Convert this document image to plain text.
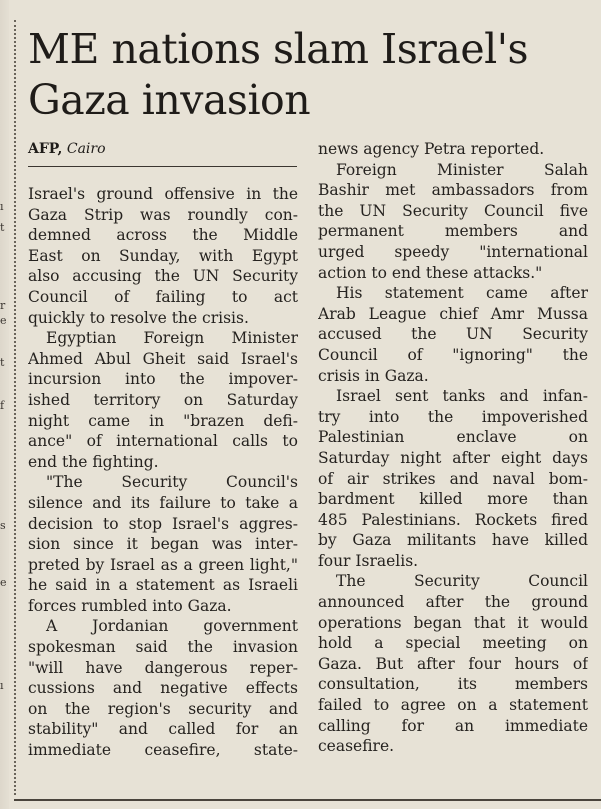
ı
t
r
e
t
f
s
e
ı
ME nations slam Israel's
Gaza invasion
AFP, Cairo

Israel's ground offensive in the
Gaza Strip was roundly con-
demned across the Middle
East on Sunday, with Egypt
also accusing the UN Security
Council of failing to act
quickly to resolve the crisis.

Egyptian Foreign Minister
Ahmed Abul Gheit said Israel's
incursion into the impover-
ished territory on Saturday
night came in "brazen defi-
ance" of international calls to
end the fighting.

"The Security Council's
silence and its failure to take a
decision to stop Israel's aggres-
sion since it began was inter-
preted by Israel as a green light,"
he said in a statement as Israeli
forces rumbled into Gaza.

A Jordanian government
spokesman said the invasion
"will have dangerous reper-
cussions and negative effects
on the region's security and
stability" and called for an
immediate ceasefire, state-

news agency Petra reported.

Foreign Minister Salah
Bashir met ambassadors from
the UN Security Council five
permanent members and
urged speedy "international
action to end these attacks."

His statement came after
Arab League chief Amr Mussa
accused the UN Security
Council of "ignoring" the
crisis in Gaza.

Israel sent tanks and infan-
try into the impoverished
Palestinian enclave on
Saturday night after eight days
of air strikes and naval bom-
bardment killed more than
485 Palestinians. Rockets fired
by Gaza militants have killed
four Israelis.

The Security Council
announced after the ground
operations began that it would
hold a special meeting on
Gaza. But after four hours of
consultation, its members
failed to agree on a statement
calling for an immediate
ceasefire.
